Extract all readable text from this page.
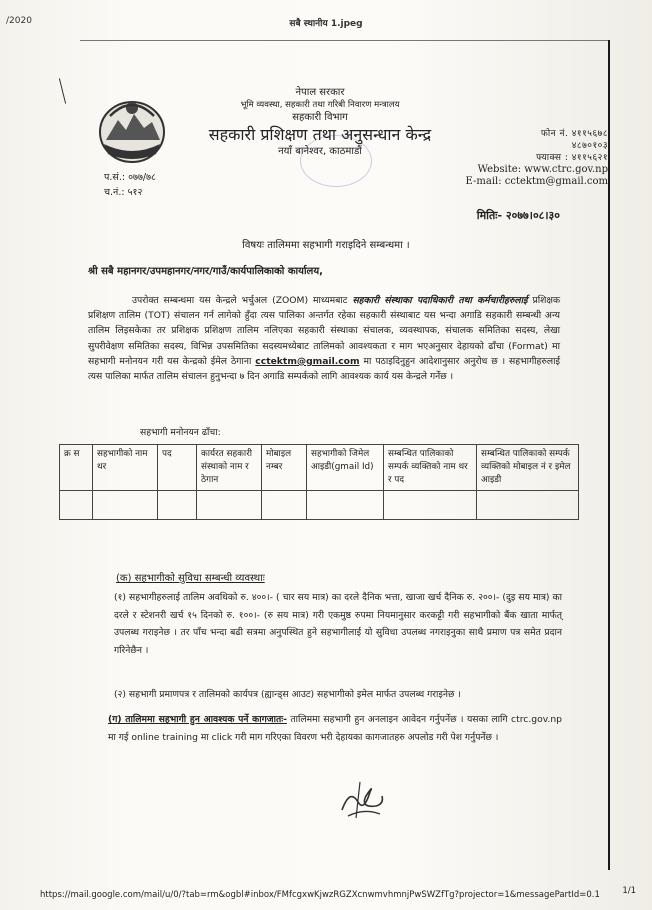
/2020	सबै स्थानीय 1.jpeg
नेपाल सरकार
भूमि व्यवस्था, सहकारी तथा गरिबी निवारण मन्त्रालय
सहकारी विभाग
सहकारी प्रशिक्षण तथा अनुसन्धान केन्द्र
नयाँ बानेश्वर, काठमाडौं
फोन नं. ४११५६७८
४८७०१०३
फ्याक्स : ४११५६२१
Website: www.ctrc.gov.np
E-mail: cctektm@gmail.com
प.सं.: ०७७/७८
च.नं.: ५१२
मितिः- २०७७।०८।३०
विषयः तालिममा सहभागी गराइदिने सम्बन्धमा ।
श्री सबै महानगर/उपमहानगर/नगर/गाउँ/कार्यपालिकाको कार्यालय,
उपरोक्त सम्बन्धमा यस केन्द्रले भर्चुअल (ZOOM) माध्यमबाट सहकारी संस्थाका पदाधिकारी तथा कर्मचारीहरुलाई प्रशिक्षक प्रशिक्षण तालिम (TOT) संचालन गर्न लागेको हुँदा त्यस पालिका अन्तर्गत रहेका सहकारी संस्थाबाट यस भन्दा अगाडि सहकारी सम्बन्धी अन्य तालिम लिइसकेका तर प्रशिक्षक प्रशिक्षण तालिम नलिएका सहकारी संस्थाका संचालक, व्यवस्थापक, संचालक समितिका सदस्य, लेखा सुपरीवेक्षण समितिका सदस्य, विभिन्न उपसमितिका सदस्यमध्येबाट तालिमको आवश्यकता र माग भएअनुसार देहायको ढाँचा (Format) मा सहभागी मनोनयन गरी यस केन्द्रको ईमेल ठेगाना cctektm@gmail.com मा पठाइदिनुहुन आदेशानुसार अनुरोध छ । सहभागीहरुलाई त्यस पालिका मार्फत तालिम संचालन हुनुभन्दा ७ दिन अगाडि सम्पर्कको लागि आवश्यक कार्य यस केन्द्रले गर्नेछ ।
सहभागी मनोनयन ढाँचा:
क्र स	सहभागीको नाम थर	पद	कार्यरत सहकारी संस्थाको नाम र ठेगान	मोबाइल नम्बर	सहभागीको जिमेल आइडी(gmail Id)	सम्बन्धित पालिकाको सम्पर्क व्यक्तिको नाम थर र पद	सम्बन्धित पालिकाको सम्पर्क व्यक्तिको मोबाइल नं र इमेल आइडी

(क) सहभागीको सुविधा सम्बन्धी व्यवस्थाः
(१) सहभागीहरुलाई तालिम अवधिको रु. ४००।- ( चार सय मात्र) का दरले दैनिक भत्ता, खाजा खर्च दैनिक रु. २००।- (दुइ सय मात्र) का दरले र स्टेशनरी खर्च १५ दिनको रु. १००।- (रु सय मात्र) गरी एकमुष्ठ रुपमा नियमानुसार करकट्टी गरी सहभागीको बैंक खाता मार्फत् उपलब्ध गराइनेछ । तर पाँच भन्दा बढी सत्रमा अनुपस्थित हुने सहभागीलाई यो सुविधा उपलब्ध नगराइनुका साथै प्रमाण पत्र समेत प्रदान गरिनेछैन ।
(२) सहभागी प्रमाणपत्र र तालिमको कार्यपत्र (ह्यान्ड्स आउट) सहभागीको इमेल मार्फत उपलब्ध गराइनेछ ।
(ग) तालिममा सहभागी हुन आवश्यक पर्ने कागजातः- तालिममा सहभागी हुन अनलाइन आवेदन गर्नुपर्नेछ । यसका लागि ctrc.gov.np मा गई online training मा click गरी माग गरिएका विवरण भरी देहायका कागजातहरु अपलोड गरी पेश गर्नुपर्नेछ ।
https://mail.google.com/mail/u/0/?tab=rm&ogbl#inbox/FMfcgxwKjwzRGZXcnwmvhmnjPwSWZfTg?projector=1&messagePartId=0.1	1/1
